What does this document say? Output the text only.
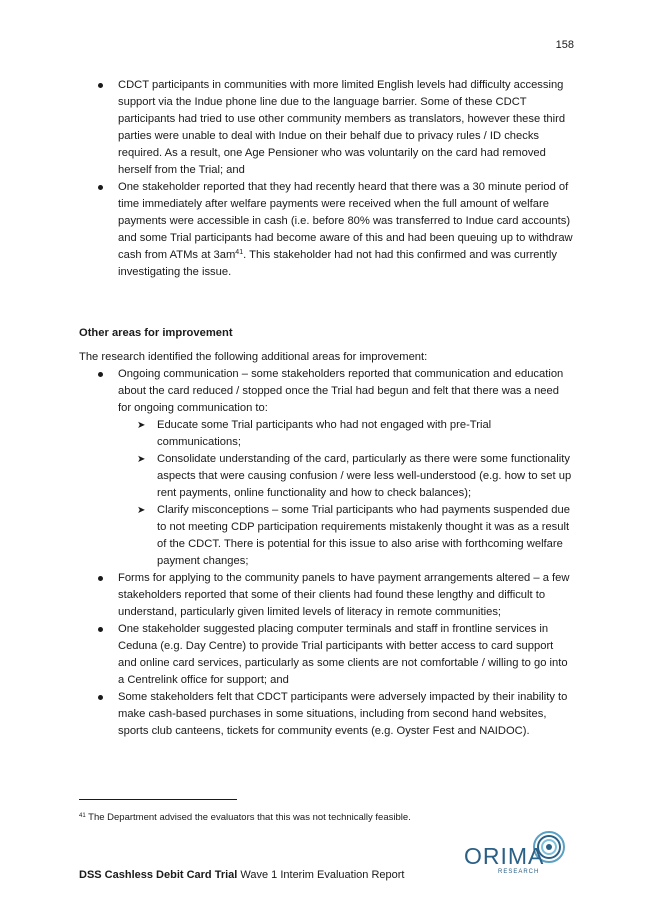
158
CDCT participants in communities with more limited English levels had difficulty accessing support via the Indue phone line due to the language barrier. Some of these CDCT participants had tried to use other community members as translators, however these third parties were unable to deal with Indue on their behalf due to privacy rules / ID checks required. As a result, one Age Pensioner who was voluntarily on the card had removed herself from the Trial; and
One stakeholder reported that they had recently heard that there was a 30 minute period of time immediately after welfare payments were received when the full amount of welfare payments were accessible in cash (i.e. before 80% was transferred to Indue card accounts) and some Trial participants had become aware of this and had been queuing up to withdraw cash from ATMs at $3am^{41}$. This stakeholder had not had this confirmed and was currently investigating the issue.
Other areas for improvement
The research identified the following additional areas for improvement:
Ongoing communication – some stakeholders reported that communication and education about the card reduced / stopped once the Trial had begun and felt that there was a need for ongoing communication to:
➤ Educate some Trial participants who had not engaged with pre-Trial communications;
➤ Consolidate understanding of the card, particularly as there were some functionality aspects that were causing confusion / were less well-understood (e.g. how to set up rent payments, online functionality and how to check balances);
➤ Clarify misconceptions – some Trial participants who had payments suspended due to not meeting CDP participation requirements mistakenly thought it was as a result of the CDCT. There is potential for this issue to also arise with forthcoming welfare payment changes;
Forms for applying to the community panels to have payment arrangements altered – a few stakeholders reported that some of their clients had found these lengthy and difficult to understand, particularly given limited levels of literacy in remote communities;
One stakeholder suggested placing computer terminals and staff in frontline services in Ceduna (e.g. Day Centre) to provide Trial participants with better access to card support and online card services, particularly as some clients are not comfortable / willing to go into a Centrelink office for support; and
Some stakeholders felt that CDCT participants were adversely impacted by their inability to make cash-based purchases in some situations, including from second hand websites, sports club canteens, tickets for community events (e.g. Oyster Fest and NAIDOC).
$^{41}$ The Department advised the evaluators that this was not technically feasible.
DSS Cashless Debit Card Trial Wave 1 Interim Evaluation Report
ORIMA
RESEARCH
